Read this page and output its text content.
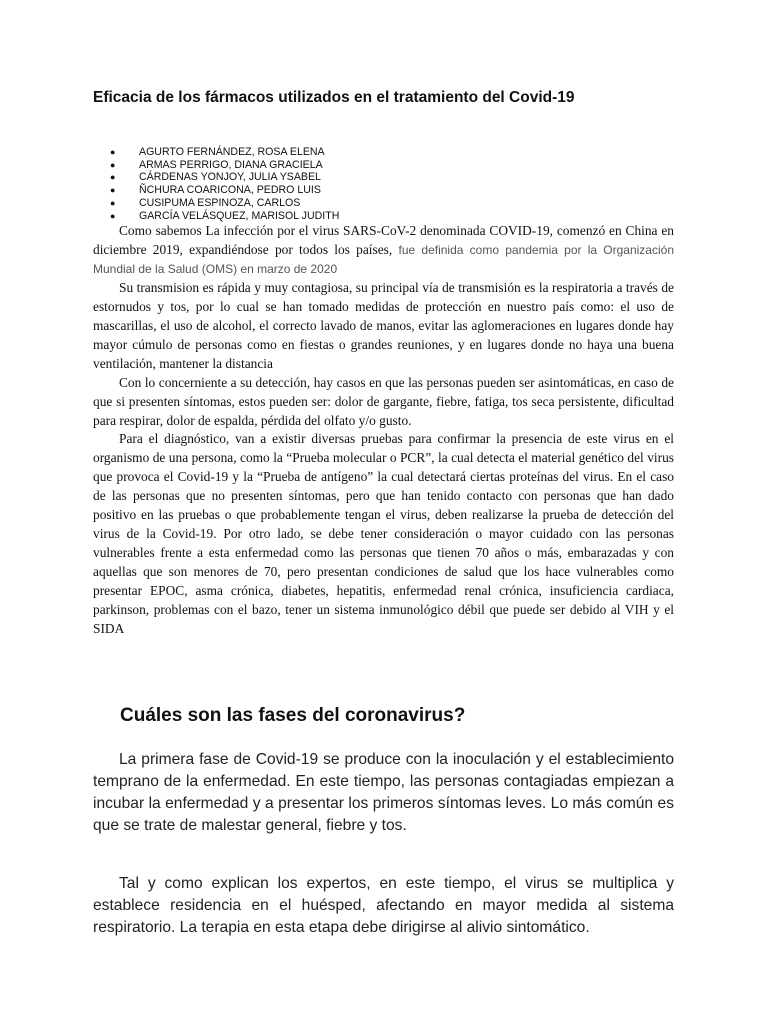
Eficacia de los fármacos utilizados en el tratamiento del Covid-19
● AGURTO FERNÁNDEZ, ROSA ELENA
● ARMAS PERRIGO, DIANA GRACIELA
● CÁRDENAS YONJOY, JULIA YSABEL
● ÑCHURA COARICONA, PEDRO LUIS
● CUSIPUMA ESPINOZA, CARLOS
● GARCÍA VELÁSQUEZ, MARISOL JUDITH

Como sabemos La infección por el virus SARS-CoV-2 denominada COVID-19, comenzó en China en diciembre 2019, expandiéndose por todos los países, fue definida como pandemia por la Organización Mundial de la Salud (OMS) en marzo de 2020

Su transmision es rápida y muy contagiosa, su principal vía de transmisión es la respiratoria a través de estornudos y tos, por lo cual se han tomado medidas de protección en nuestro país como: el uso de mascarillas, el uso de alcohol, el correcto lavado de manos, evitar las aglomeraciones en lugares donde hay mayor cúmulo de personas como en fiestas o grandes reuniones, y en lugares donde no haya una buena ventilación, mantener la distancia

Con lo concerniente a su detección, hay casos en que las personas pueden ser asintomáticas, en caso de que si presenten síntomas, estos pueden ser: dolor de gargante, fiebre, fatiga, tos seca persistente, dificultad para respirar, dolor de espalda, pérdida del olfato y/o gusto.

Para el diagnóstico, van a existir diversas pruebas para confirmar la presencia de este virus en el organismo de una persona, como la “Prueba molecular o PCR”, la cual detecta el material genético del virus que provoca el Covid-19 y la “Prueba de antígeno” la cual detectará ciertas proteínas del virus. En el caso de las personas que no presenten síntomas, pero que han tenido contacto con personas que han dado positivo en las pruebas o que probablemente tengan el virus, deben realizarse la prueba de detección del virus de la Covid-19. Por otro lado, se debe tener consideración o mayor cuidado con las personas vulnerables frente a esta enfermedad como las personas que tienen 70 años o más, embarazadas y con aquellas que son menores de 70, pero presentan condiciones de salud que los hace vulnerables como presentar EPOC, asma crónica, diabetes, hepatitis, enfermedad renal crónica, insuficiencia cardiaca, parkinson, problemas con el bazo, tener un sistema inmunológico débil que puede ser debido al VIH y el SIDA

Cuáles son las fases del coronavirus?

La primera fase de Covid-19 se produce con la inoculación y el establecimiento temprano de la enfermedad. En este tiempo, las personas contagiadas empiezan a incubar la enfermedad y a presentar los primeros síntomas leves. Lo más común es que se trate de malestar general, fiebre y tos.

Tal y como explican los expertos, en este tiempo, el virus se multiplica y establece residencia en el huésped, afectando en mayor medida al sistema respiratorio. La terapia en esta etapa debe dirigirse al alivio sintomático.
